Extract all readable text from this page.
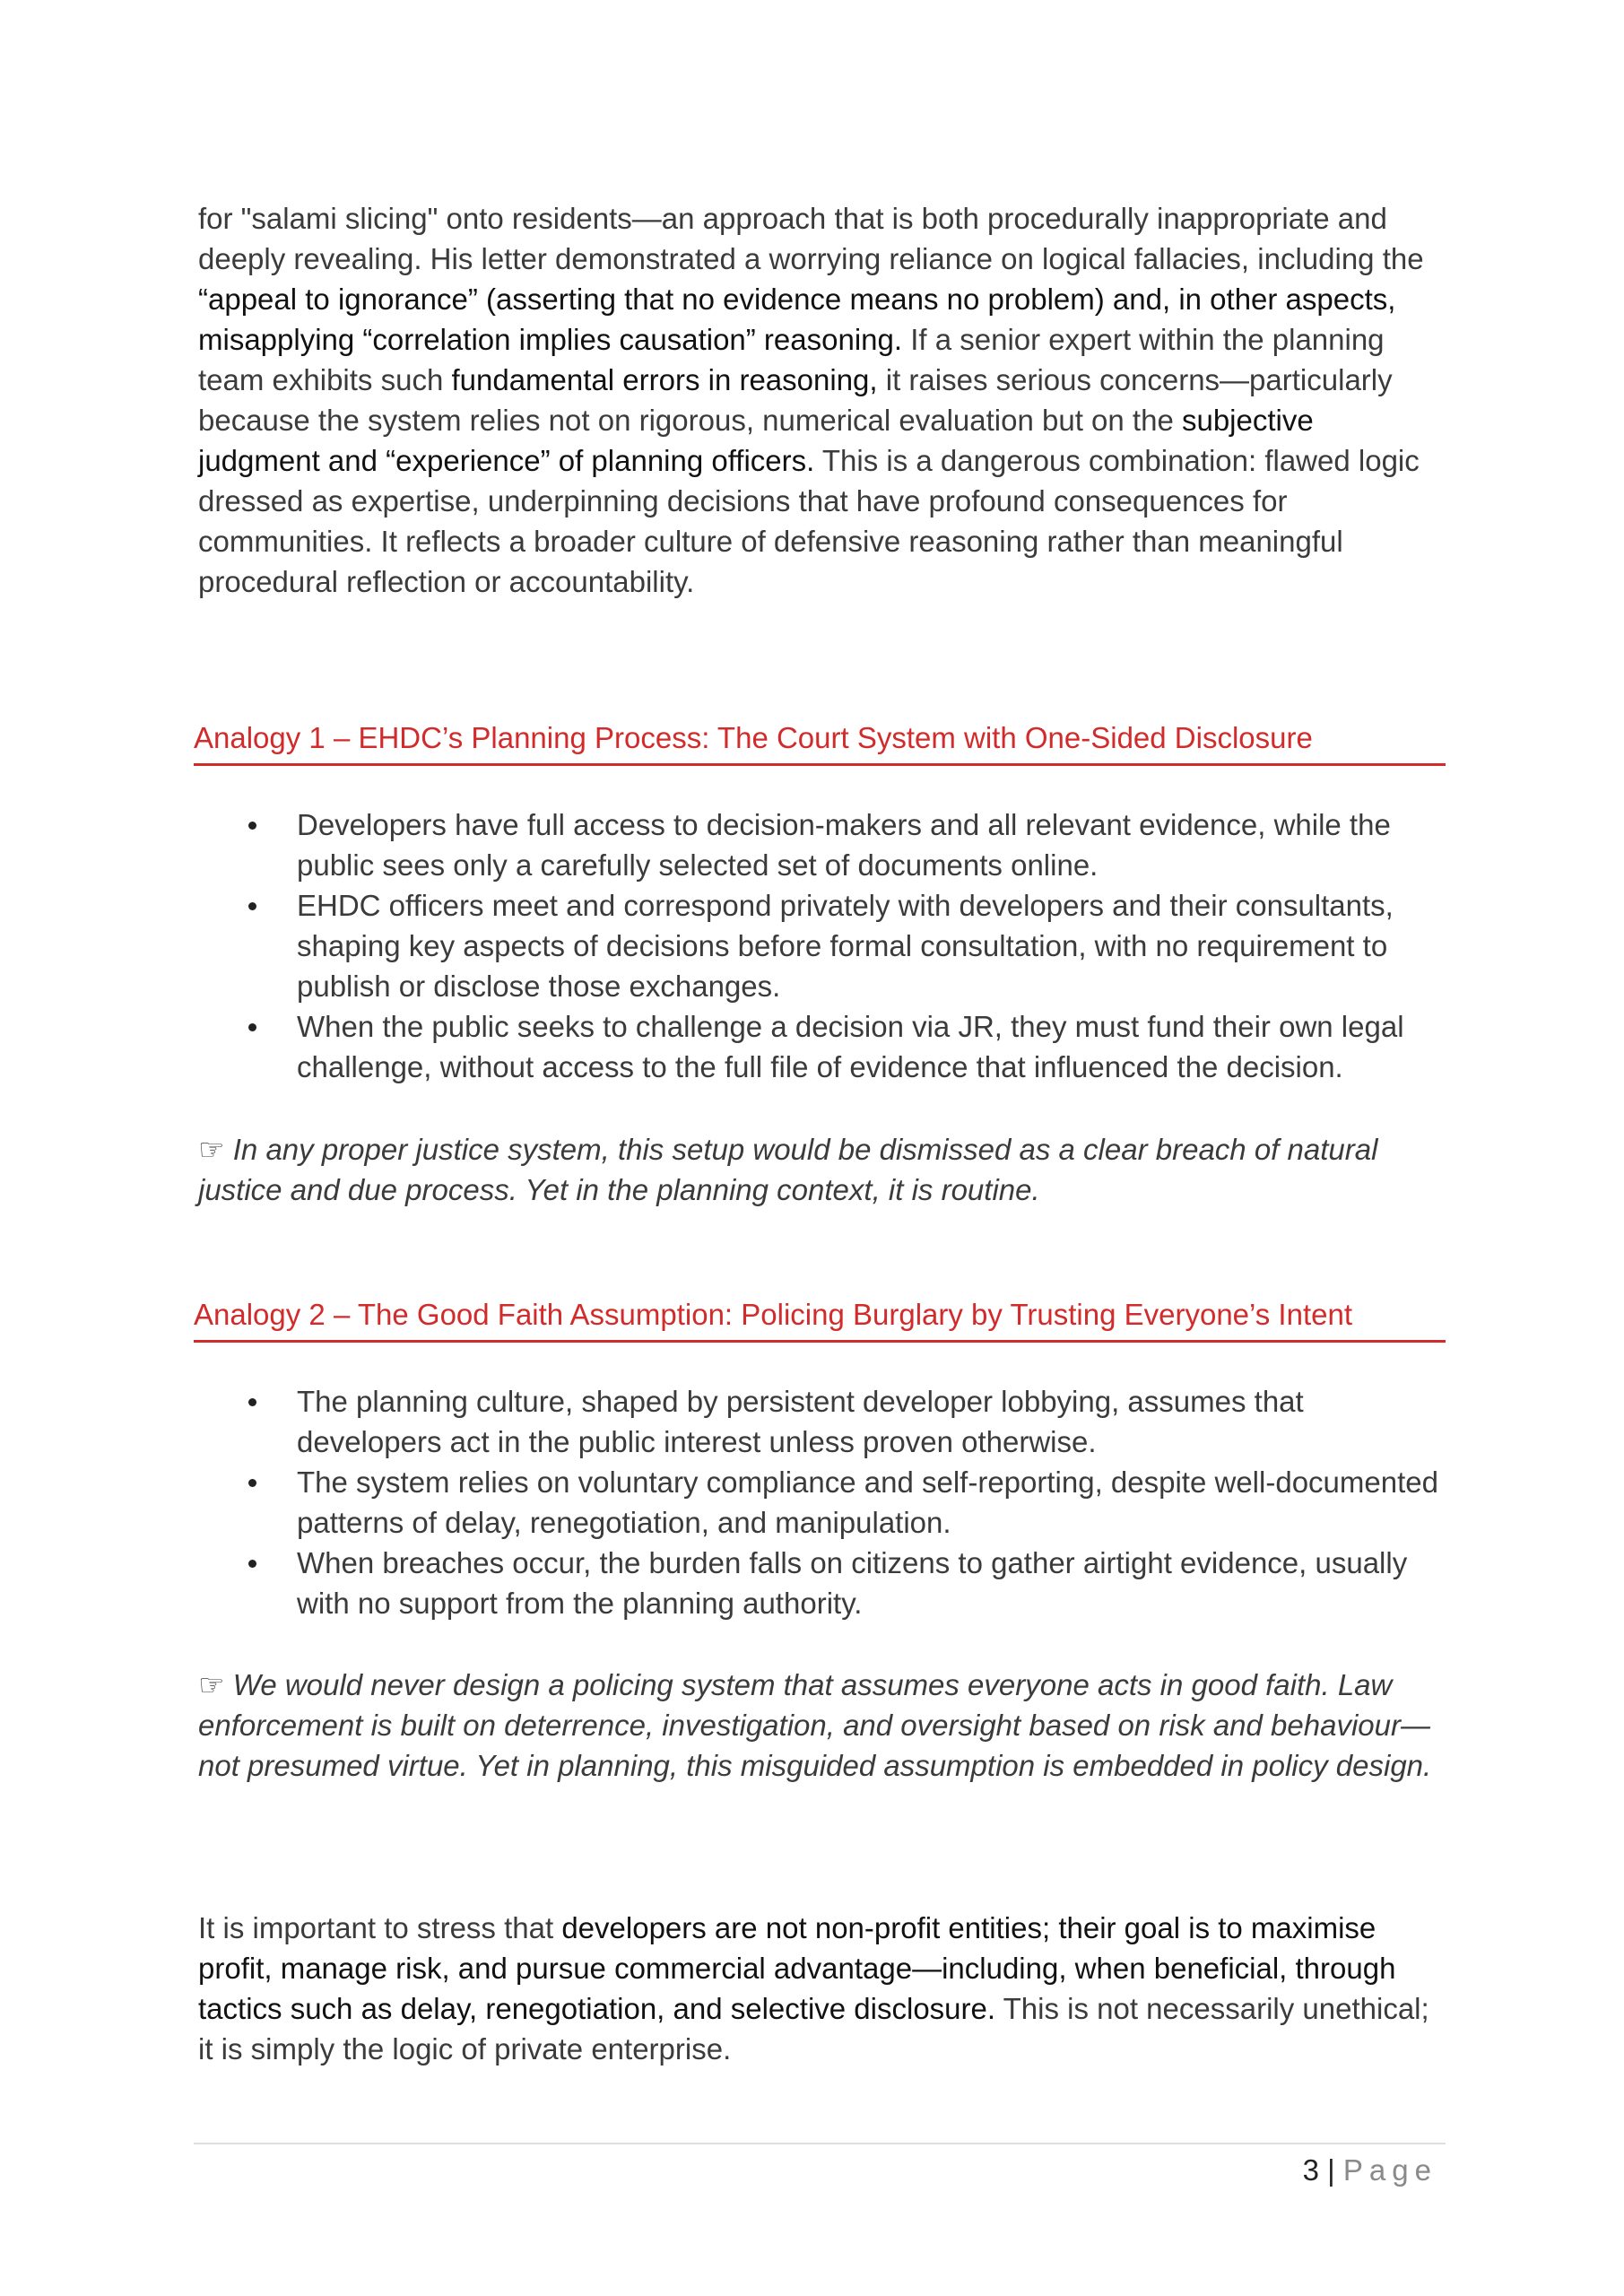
for "salami slicing" onto residents—an approach that is both procedurally inappropriate and deeply revealing. His letter demonstrated a worrying reliance on logical fallacies, including the “appeal to ignorance” (asserting that no evidence means no problem) and, in other aspects, misapplying “correlation implies causation” reasoning. If a senior expert within the planning team exhibits such fundamental errors in reasoning, it raises serious concerns—particularly because the system relies not on rigorous, numerical evaluation but on the subjective judgment and “experience” of planning officers. This is a dangerous combination: flawed logic dressed as expertise, underpinning decisions that have profound consequences for communities. It reflects a broader culture of defensive reasoning rather than meaningful procedural reflection or accountability.

Analogy 1 – EHDC’s Planning Process: The Court System with One-Sided Disclosure
Developers have full access to decision-makers and all relevant evidence, while the public sees only a carefully selected set of documents online.
EHDC officers meet and correspond privately with developers and their consultants, shaping key aspects of decisions before formal consultation, with no requirement to publish or disclose those exchanges.
When the public seeks to challenge a decision via JR, they must fund their own legal challenge, without access to the full file of evidence that influenced the decision.

☞ In any proper justice system, this setup would be dismissed as a clear breach of natural justice and due process. Yet in the planning context, it is routine.

Analogy 2 – The Good Faith Assumption: Policing Burglary by Trusting Everyone’s Intent
The planning culture, shaped by persistent developer lobbying, assumes that developers act in the public interest unless proven otherwise.
The system relies on voluntary compliance and self-reporting, despite well-documented patterns of delay, renegotiation, and manipulation.
When breaches occur, the burden falls on citizens to gather airtight evidence, usually with no support from the planning authority.

☞ We would never design a policing system that assumes everyone acts in good faith. Law enforcement is built on deterrence, investigation, and oversight based on risk and behaviour—not presumed virtue. Yet in planning, this misguided assumption is embedded in policy design.

It is important to stress that developers are not non-profit entities; their goal is to maximise profit, manage risk, and pursue commercial advantage—including, when beneficial, through tactics such as delay, renegotiation, and selective disclosure. This is not necessarily unethical; it is simply the logic of private enterprise.

3 | Page
